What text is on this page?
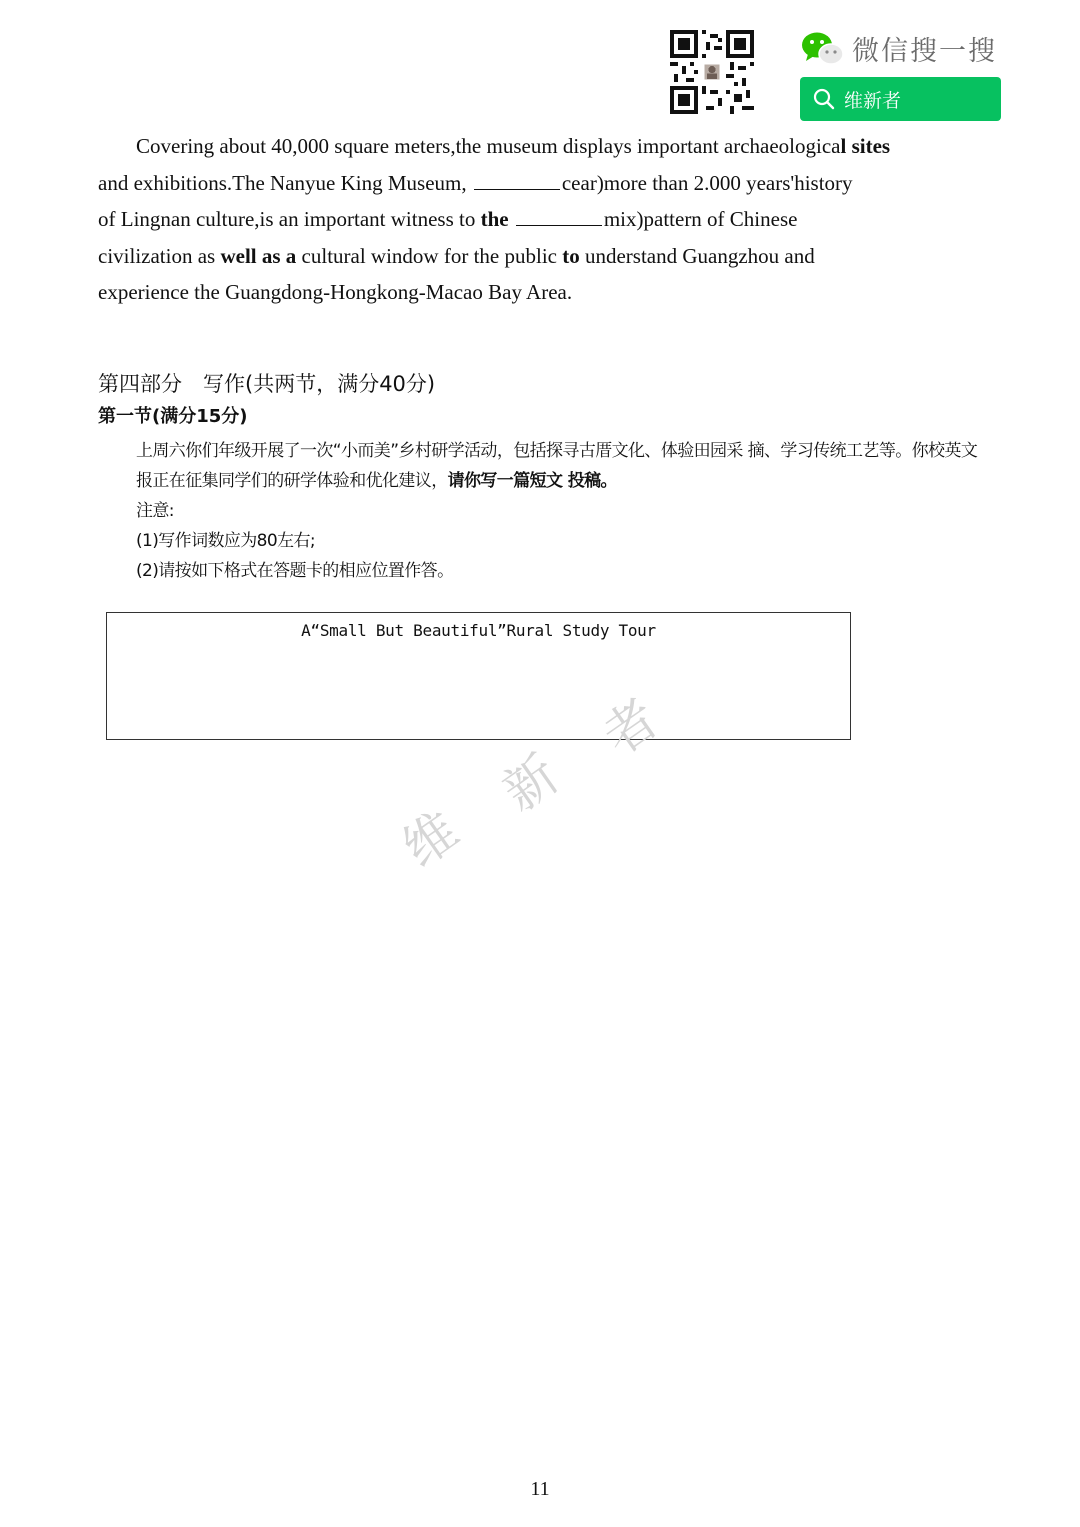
微信搜一搜
维新者

Covering about 40,000 square meters,the museum displays important archaeological sites

and exhibitions.The Nanyue King Museum,	cear)more than 2.000 years'history

of Lingnan culture,is an important witness to the	mix)pattern of Chinese

civilization as well as a cultural window for the public to understand Guangzhou and

experience the Guangdong-Hongkong-Macao Bay Area.

第四部分　写作(共两节，满分40分)
第一节(满分15分)

上周六你们年级开展了一次“小而美”乡村研学活动，包括探寻古厝文化、体验田园采 摘、学习传统工艺等。你校英文报正在征集同学们的研学体验和优化建议，请你写一篇短文 投稿。

注意:

(1)写作词数应为80左右;

(2)请按如下格式在答题卡的相应位置作答。

A“Small But Beautiful”Rural Study Tour
维
新
者
11
